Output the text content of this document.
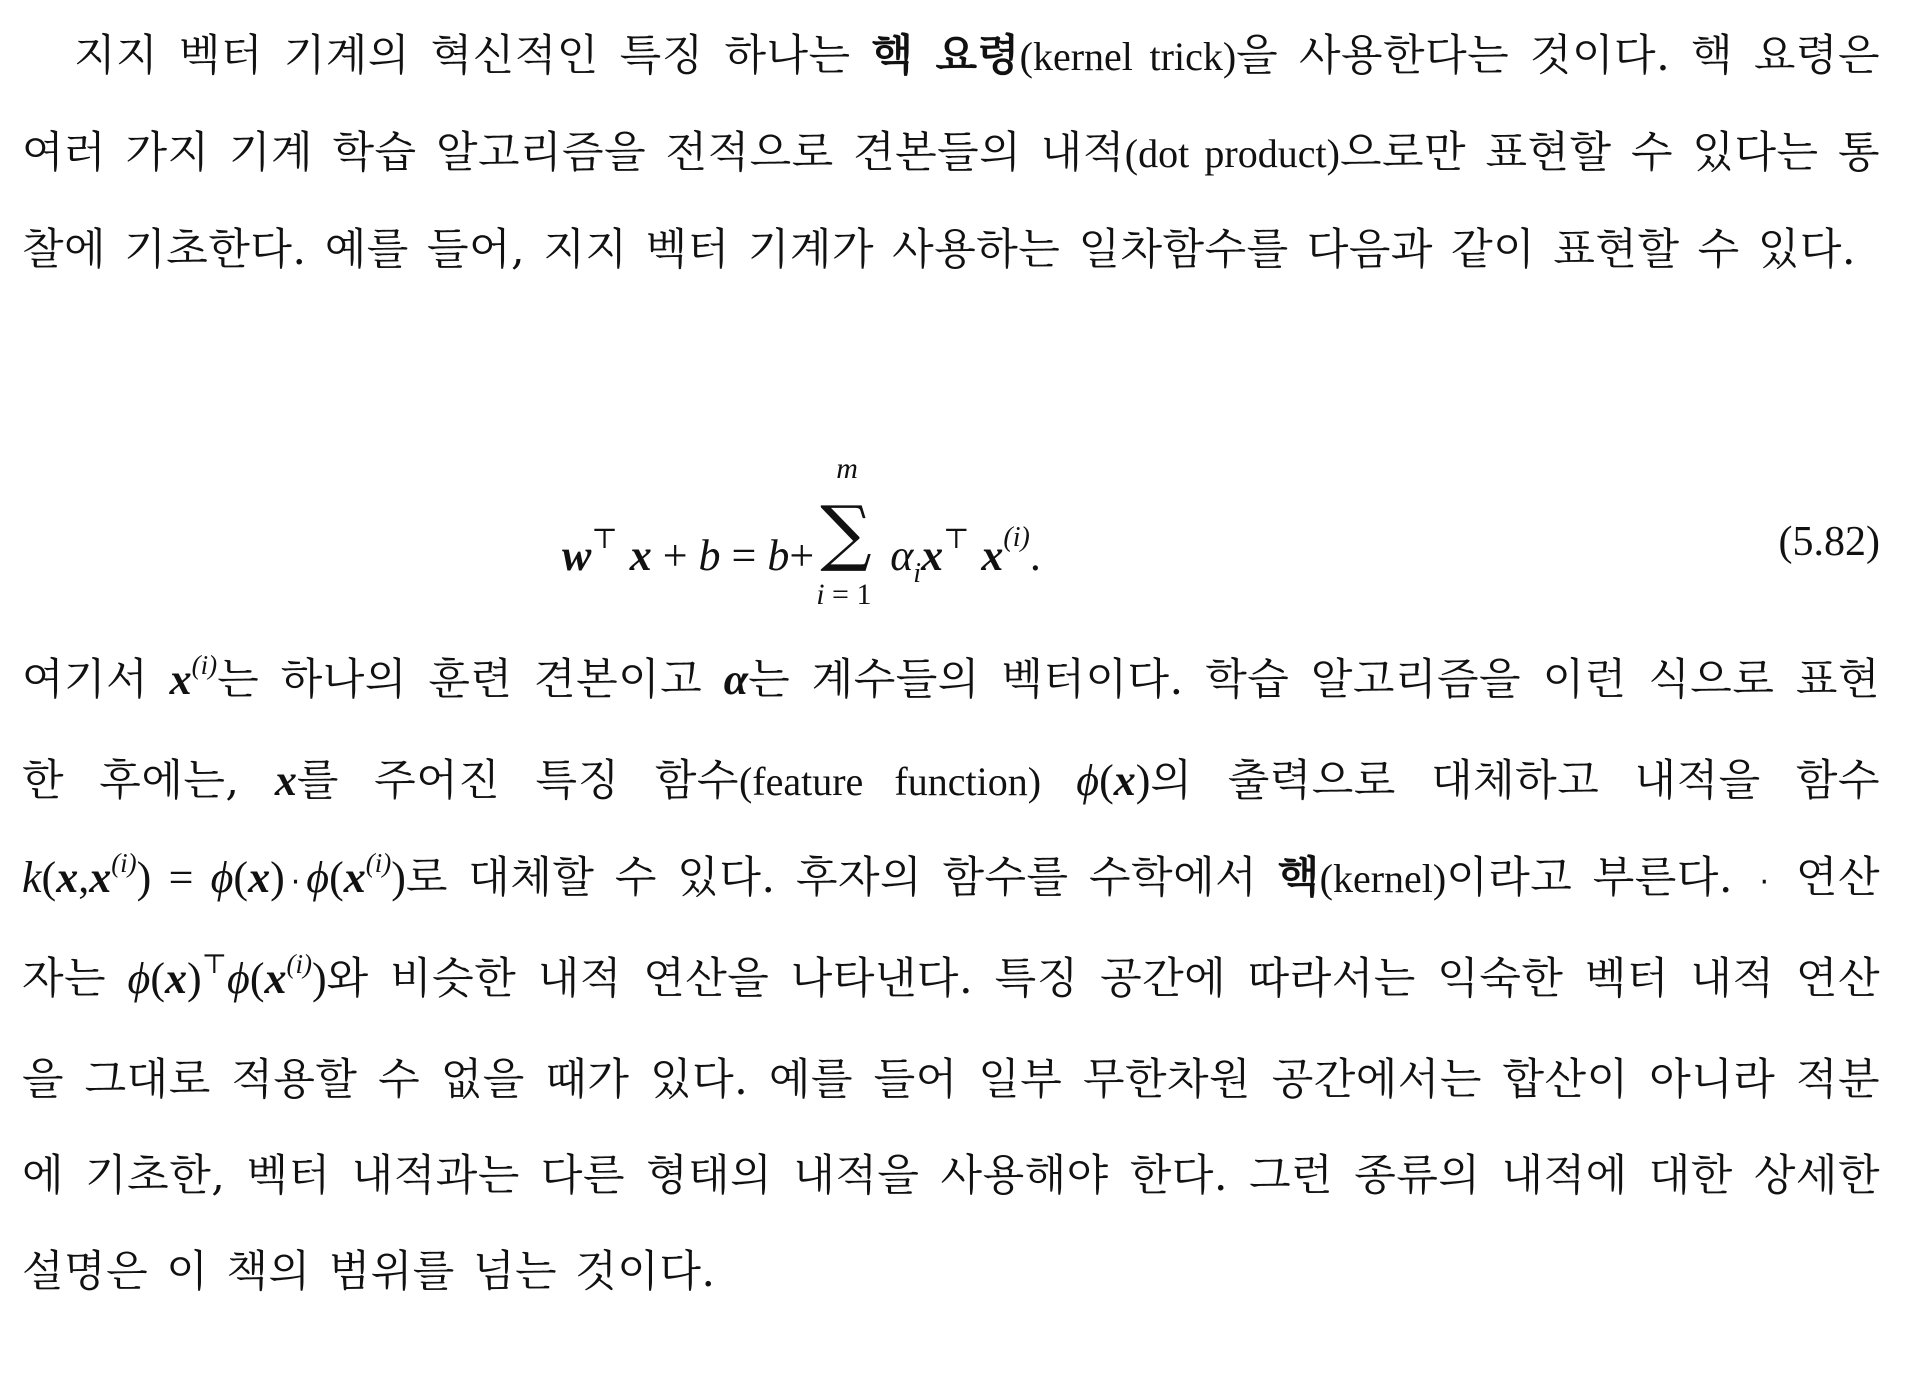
지지 벡터 기계의 혁신적인 특징 하나는 핵 요령(kernel trick)을 사용한다는 것이다. 핵 요령은 여러 가지 기계 학습 알고리즘을 전적으로 견본들의 내적(dot product)으로만 표현할 수 있다는 통찰에 기초한다. 예를 들어, 지지 벡터 기계가 사용하는 일차함수를 다음과 같이 표현할 수 있다.

w⊤ x + b = b+
m
∑
i = 1
$\alpha_ix^⊤$ $x^{(i)}$.	(5.82)

여기서 $x^{(i)}$는 하나의 훈련 견본이고 α는 계수들의 벡터이다. 학습 알고리즘을 이런 식으로 표현한 후에는, x를 주어진 특징 함수(feature function) ϕ(x)의 출력으로 대체하고 내적을 함수 $k(x,x^{(i)}) = \phi(x) \cdot \phi(x^{(i)})$로 대체할 수 있다. 후자의 함수를 수학에서 핵(kernel)이라고 부른다. · 연산자는 $\phi(x)^⊤\phi(x^{(i)})$와 비슷한 내적 연산을 나타낸다. 특징 공간에 따라서는 익숙한 벡터 내적 연산을 그대로 적용할 수 없을 때가 있다. 예를 들어 일부 무한차원 공간에서는 합산이 아니라 적분에 기초한, 벡터 내적과는 다른 형태의 내적을 사용해야 한다. 그런 종류의 내적에 대한 상세한 설명은 이 책의 범위를 넘는 것이다.
